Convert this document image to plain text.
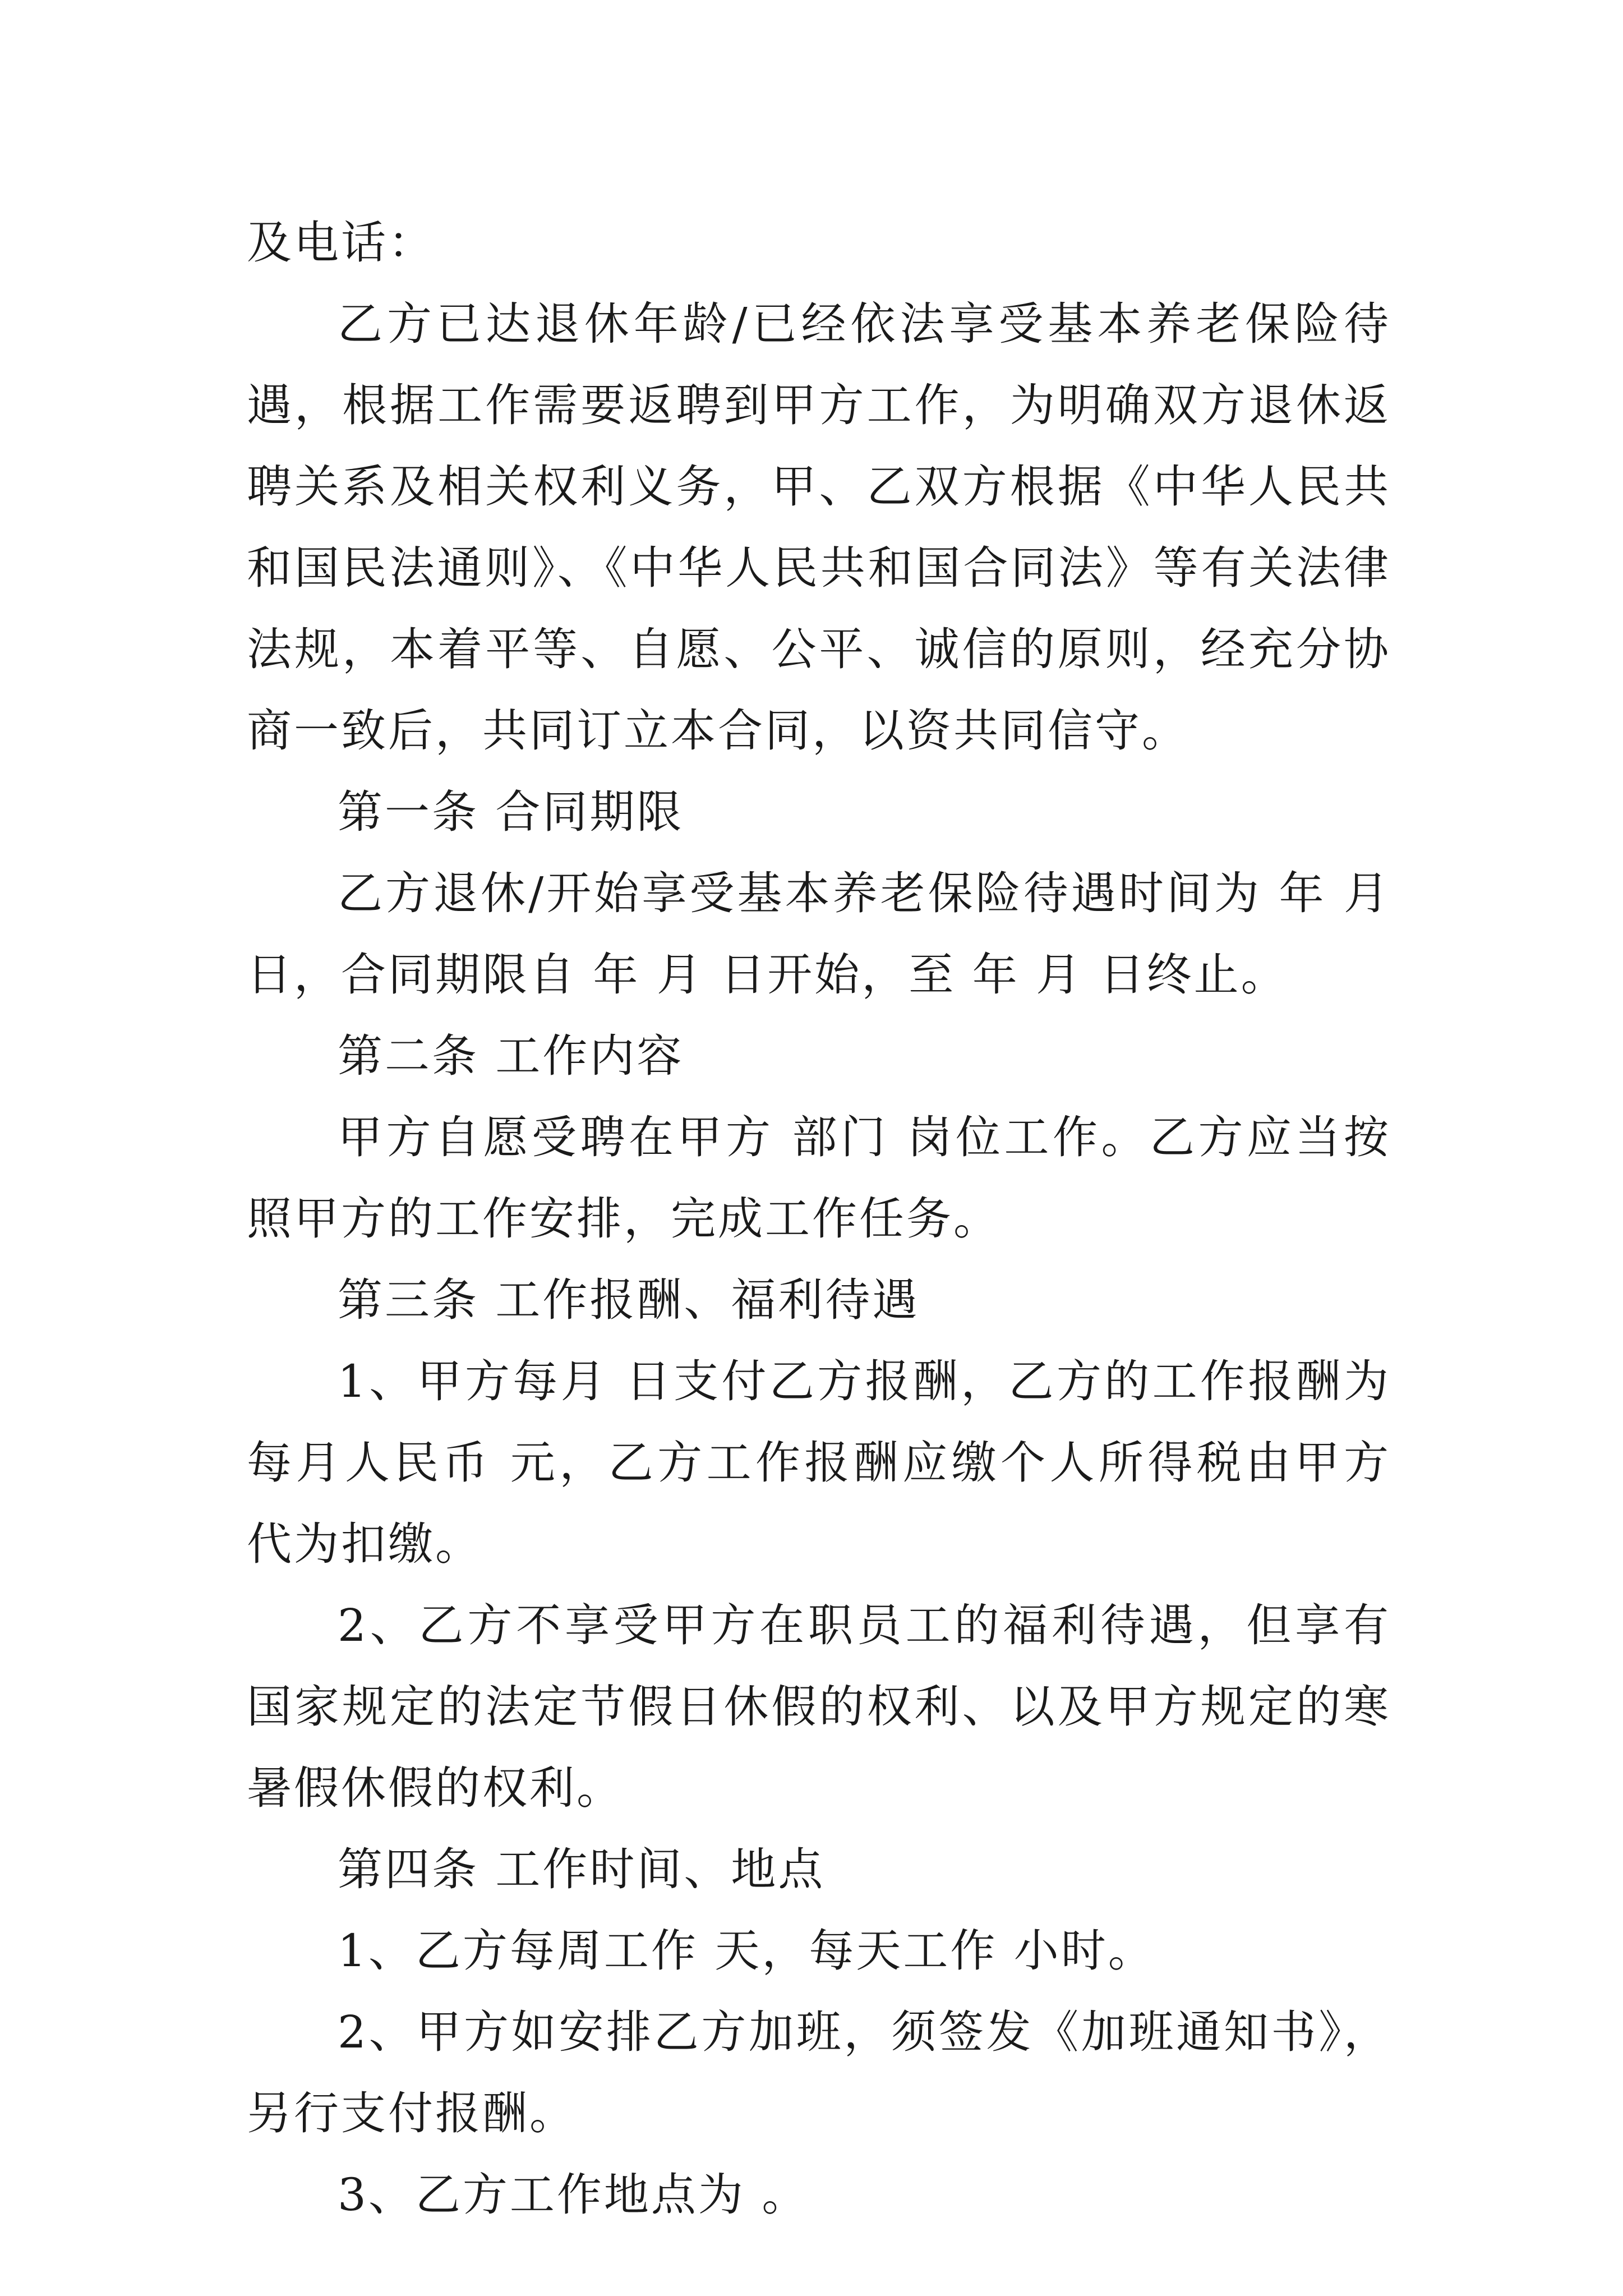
及电话：

乙方已达退休年龄/已经依法享受基本养老保险待遇，根据工作需要返聘到甲方工作，为明确双方退休返聘关系及相关权利义务，甲、乙双方根据《中华人民共和国民法通则》、《中华人民共和国合同法》等有关法律法规，本着平等、自愿、公平、诚信的原则，经充分协商一致后，共同订立本合同，以资共同信守。

第一条 合同期限

乙方退休/开始享受基本养老保险待遇时间为 年 月 日，合同期限自 年 月 日开始，至 年 月 日终止。

第二条 工作内容

甲方自愿受聘在甲方 部门 岗位工作。乙方应当按照甲方的工作安排，完成工作任务。

第三条 工作报酬、福利待遇

1、甲方每月 日支付乙方报酬，乙方的工作报酬为每月人民币 元，乙方工作报酬应缴个人所得税由甲方代为扣缴。

2、乙方不享受甲方在职员工的福利待遇，但享有国家规定的法定节假日休假的权利、以及甲方规定的寒暑假休假的权利。

第四条 工作时间、地点

1、乙方每周工作 天，每天工作 小时。

2、甲方如安排乙方加班，须签发《加班通知书》，另行支付报酬。

3、乙方工作地点为 。
